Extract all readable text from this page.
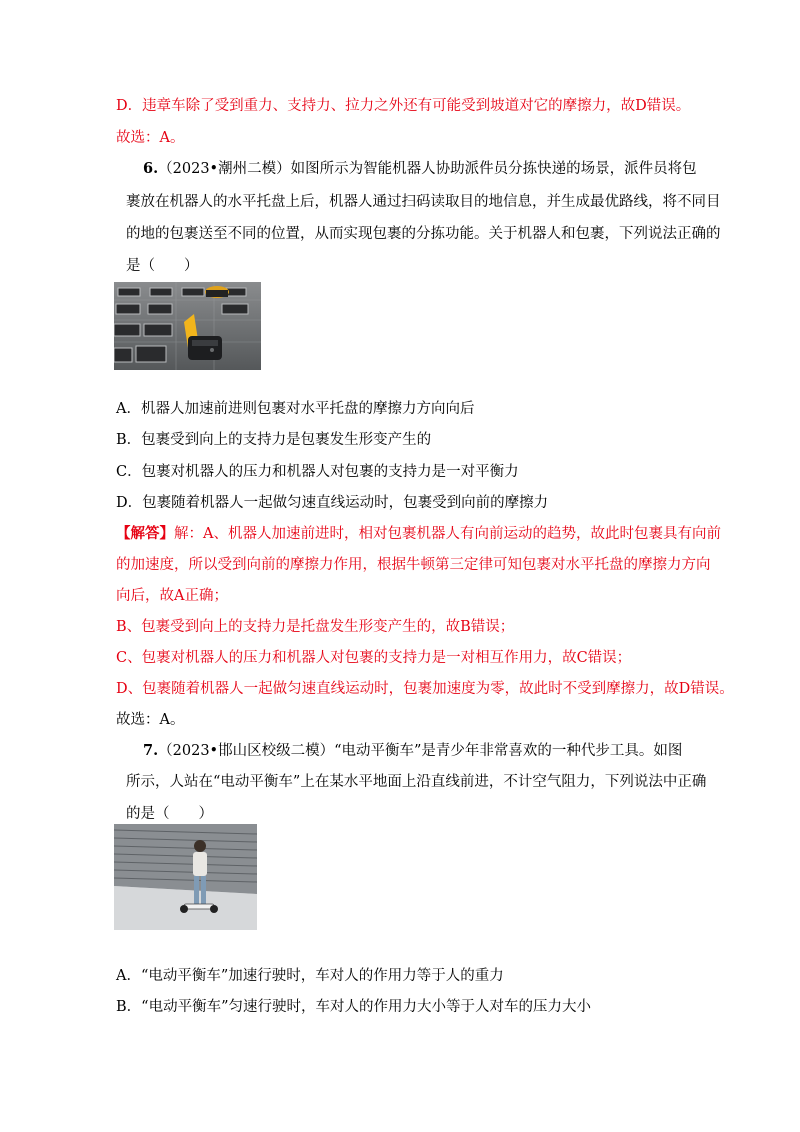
D．违章车除了受到重力、支持力、拉力之外还有可能受到坡道对它的摩擦力，故D错误。
故选：A。
6.（2023•潮州二模）如图所示为智能机器人协助派件员分拣快递的场景，派件员将包
裹放在机器人的水平托盘上后，机器人通过扫码读取目的地信息，并生成最优路线，将不同目
的地的包裹送至不同的位置，从而实现包裹的分拣功能。关于机器人和包裹，下列说法正确的
是（　　）
A．机器人加速前进则包裹对水平托盘的摩擦力方向向后
B．包裹受到向上的支持力是包裹发生形变产生的
C．包裹对机器人的压力和机器人对包裹的支持力是一对平衡力
D．包裹随着机器人一起做匀速直线运动时，包裹受到向前的摩擦力
【解答】解：A、机器人加速前进时，相对包裹机器人有向前运动的趋势，故此时包裹具有向前
的加速度，所以受到向前的摩擦力作用，根据牛顿第三定律可知包裹对水平托盘的摩擦力方向
向后，故A正确；
B、包裹受到向上的支持力是托盘发生形变产生的，故B错误；
C、包裹对机器人的压力和机器人对包裹的支持力是一对相互作用力，故C错误；
D、包裹随着机器人一起做匀速直线运动时，包裹加速度为零，故此时不受到摩擦力，故D错误。
故选：A。
7.（2023•邯山区校级二模）“电动平衡车”是青少年非常喜欢的一种代步工具。如图
所示，人站在“电动平衡车”上在某水平地面上沿直线前进，不计空气阻力，下列说法中正确
的是（　　）
A．“电动平衡车”加速行驶时，车对人的作用力等于人的重力
B．“电动平衡车”匀速行驶时，车对人的作用力大小等于人对车的压力大小
